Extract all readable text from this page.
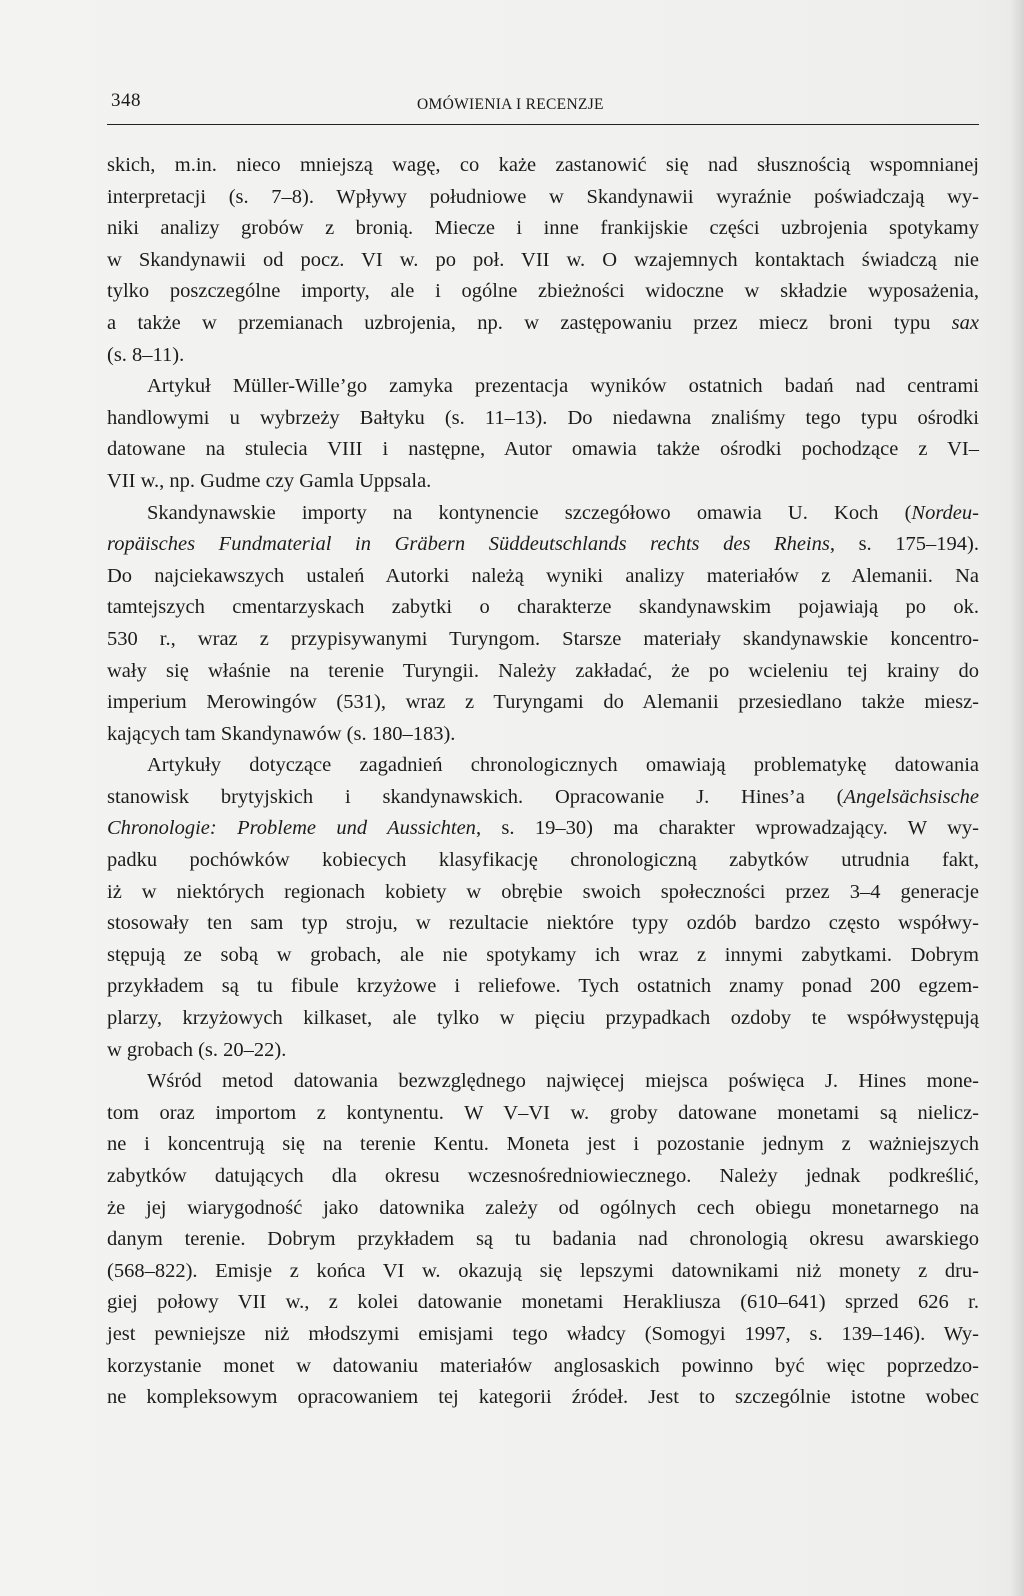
348	OMÓWIENIA I RECENZJE
skich, m.in. nieco mniejszą wagę, co każe zastanowić się nad słusznością wspomnianej
interpretacji (s. 7–8). Wpływy południowe w Skandynawii wyraźnie poświadczają wy-
niki analizy grobów z bronią. Miecze i inne frankijskie części uzbrojenia spotykamy
w Skandynawii od pocz. VI w. po poł. VII w. O wzajemnych kontaktach świadczą nie
tylko poszczególne importy, ale i ogólne zbieżności widoczne w składzie wyposażenia,
a także w przemianach uzbrojenia, np. w zastępowaniu przez miecz broni typu sax
(s. 8–11).
Artykuł Müller-Wille’go zamyka prezentacja wyników ostatnich badań nad centrami
handlowymi u wybrzeży Bałtyku (s. 11–13). Do niedawna znaliśmy tego typu ośrodki
datowane na stulecia VIII i następne, Autor omawia także ośrodki pochodzące z VI–
VII w., np. Gudme czy Gamla Uppsala.
Skandynawskie importy na kontynencie szczegółowo omawia U. Koch (Nordeu-
ropäisches Fundmaterial in Gräbern Süddeutschlands rechts des Rheins, s. 175–194).
Do najciekawszych ustaleń Autorki należą wyniki analizy materiałów z Alemanii. Na
tamtejszych cmentarzyskach zabytki o charakterze skandynawskim pojawiają po ok.
530 r., wraz z przypisywanymi Turyngom. Starsze materiały skandynawskie koncentro-
wały się właśnie na terenie Turyngii. Należy zakładać, że po wcieleniu tej krainy do
imperium Merowingów (531), wraz z Turyngami do Alemanii przesiedlano także miesz-
kających tam Skandynawów (s. 180–183).
Artykuły dotyczące zagadnień chronologicznych omawiają problematykę datowania
stanowisk brytyjskich i skandynawskich. Opracowanie J. Hines’a (Angelsächsische
Chronologie: Probleme und Aussichten, s. 19–30) ma charakter wprowadzający. W wy-
padku pochówków kobiecych klasyfikację chronologiczną zabytków utrudnia fakt,
iż w niektórych regionach kobiety w obrębie swoich społeczności przez 3–4 generacje
stosowały ten sam typ stroju, w rezultacie niektóre typy ozdób bardzo często współwy-
stępują ze sobą w grobach, ale nie spotykamy ich wraz z innymi zabytkami. Dobrym
przykładem są tu fibule krzyżowe i reliefowe. Tych ostatnich znamy ponad 200 egzem-
plarzy, krzyżowych kilkaset, ale tylko w pięciu przypadkach ozdoby te współwystępują
w grobach (s. 20–22).
Wśród metod datowania bezwzględnego najwięcej miejsca poświęca J. Hines mone-
tom oraz importom z kontynentu. W V–VI w. groby datowane monetami są nielicz-
ne i koncentrują się na terenie Kentu. Moneta jest i pozostanie jednym z ważniejszych
zabytków datujących dla okresu wczesnośredniowiecznego. Należy jednak podkreślić,
że jej wiarygodność jako datownika zależy od ogólnych cech obiegu monetarnego na
danym terenie. Dobrym przykładem są tu badania nad chronologią okresu awarskiego
(568–822). Emisje z końca VI w. okazują się lepszymi datownikami niż monety z dru-
giej połowy VII w., z kolei datowanie monetami Herakliusza (610–641) sprzed 626 r.
jest pewniejsze niż młodszymi emisjami tego władcy (Somogyi 1997, s. 139–146). Wy-
korzystanie monet w datowaniu materiałów anglosaskich powinno być więc poprzedzo-
ne kompleksowym opracowaniem tej kategorii źródeł. Jest to szczególnie istotne wobec
